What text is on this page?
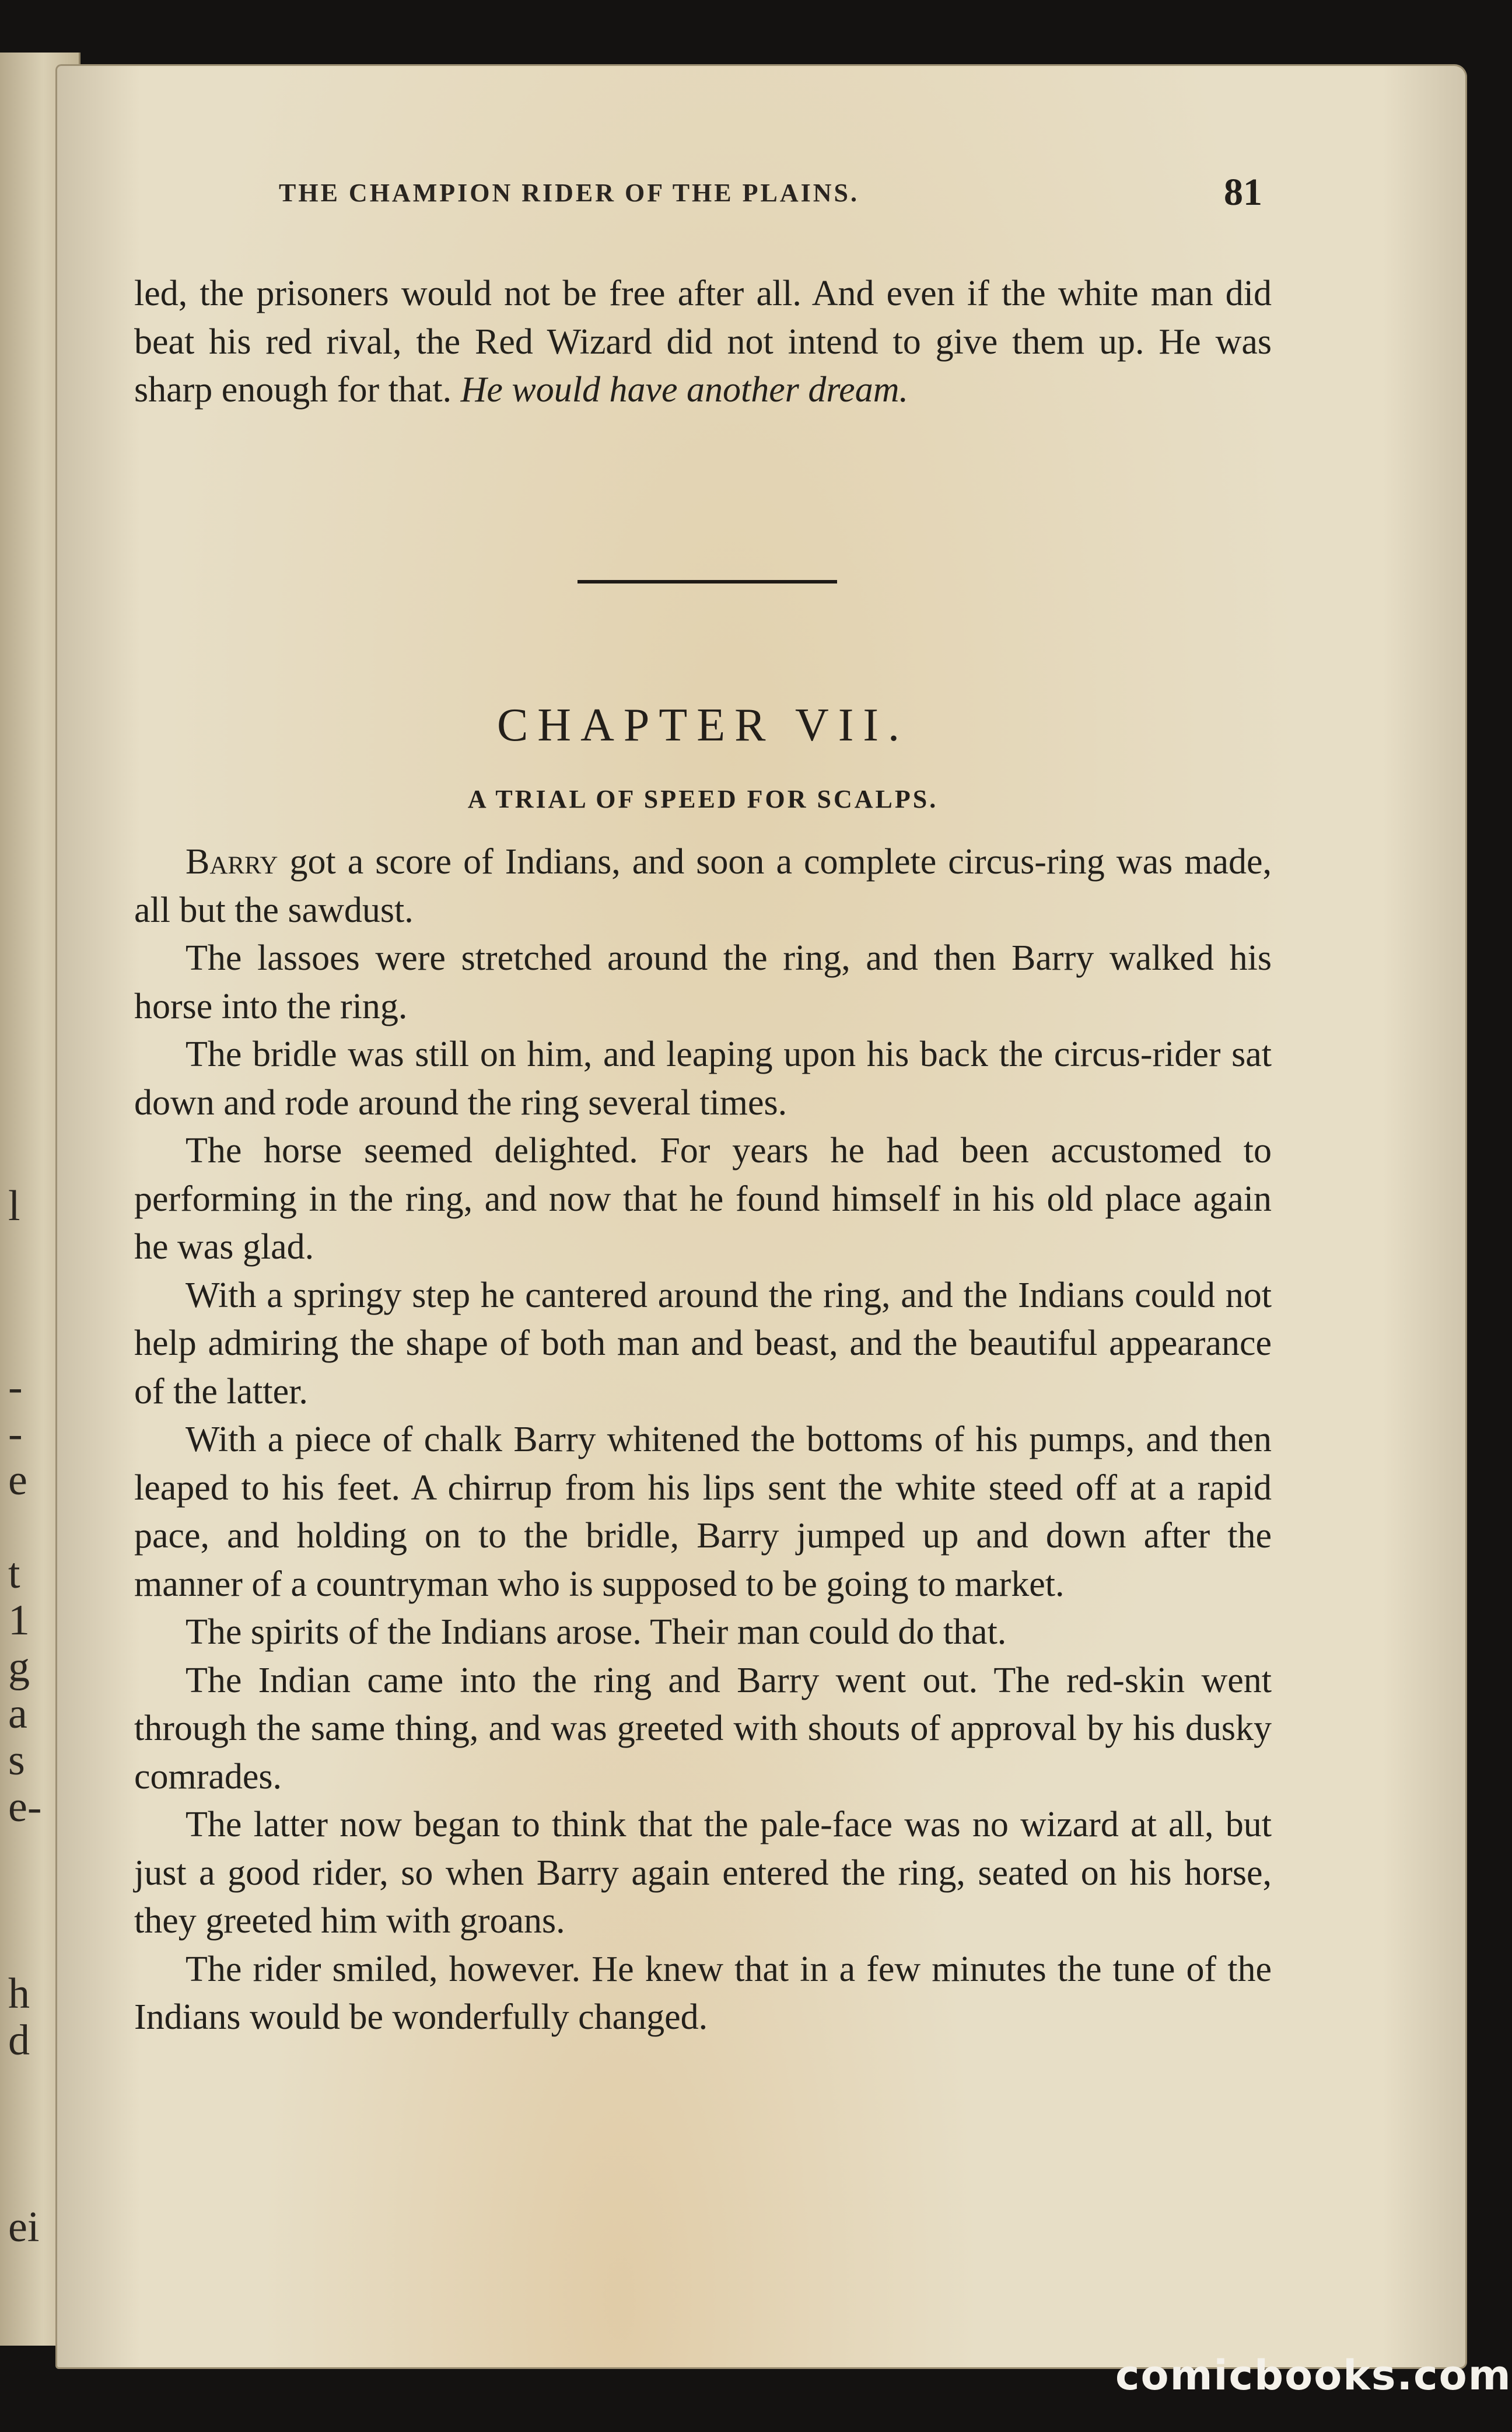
l
-
-
e
t
1
g
a
s
e-
h
d
ei
THE CHAMPION RIDER OF THE PLAINS.	81

led, the prisoners would not be free after all. And even if the white man did beat his red rival, the Red Wizard did not intend to give them up. He was sharp enough for that. He would have another dream.

CHAPTER VII.
A TRIAL OF SPEED FOR SCALPS.

Barry got a score of Indians, and soon a complete circus-ring was made, all but the sawdust.

The lassoes were stretched around the ring, and then Barry walked his horse into the ring.

The bridle was still on him, and leaping upon his back the circus-rider sat down and rode around the ring several times.

The horse seemed delighted. For years he had been accustomed to performing in the ring, and now that he found himself in his old place again he was glad.

With a springy step he cantered around the ring, and the Indians could not help admiring the shape of both man and beast, and the beautiful appearance of the latter.

With a piece of chalk Barry whitened the bottoms of his pumps, and then leaped to his feet. A chirrup from his lips sent the white steed off at a rapid pace, and holding on to the bridle, Barry jumped up and down after the manner of a countryman who is supposed to be going to market.

The spirits of the Indians arose. Their man could do that.

The Indian came into the ring and Barry went out. The red-skin went through the same thing, and was greeted with shouts of approval by his dusky comrades.

The latter now began to think that the pale-face was no wizard at all, but just a good rider, so when Barry again entered the ring, seated on his horse, they greeted him with groans.

The rider smiled, however. He knew that in a few minutes the tune of the Indians would be wonderfully changed.

comicbooks.com
